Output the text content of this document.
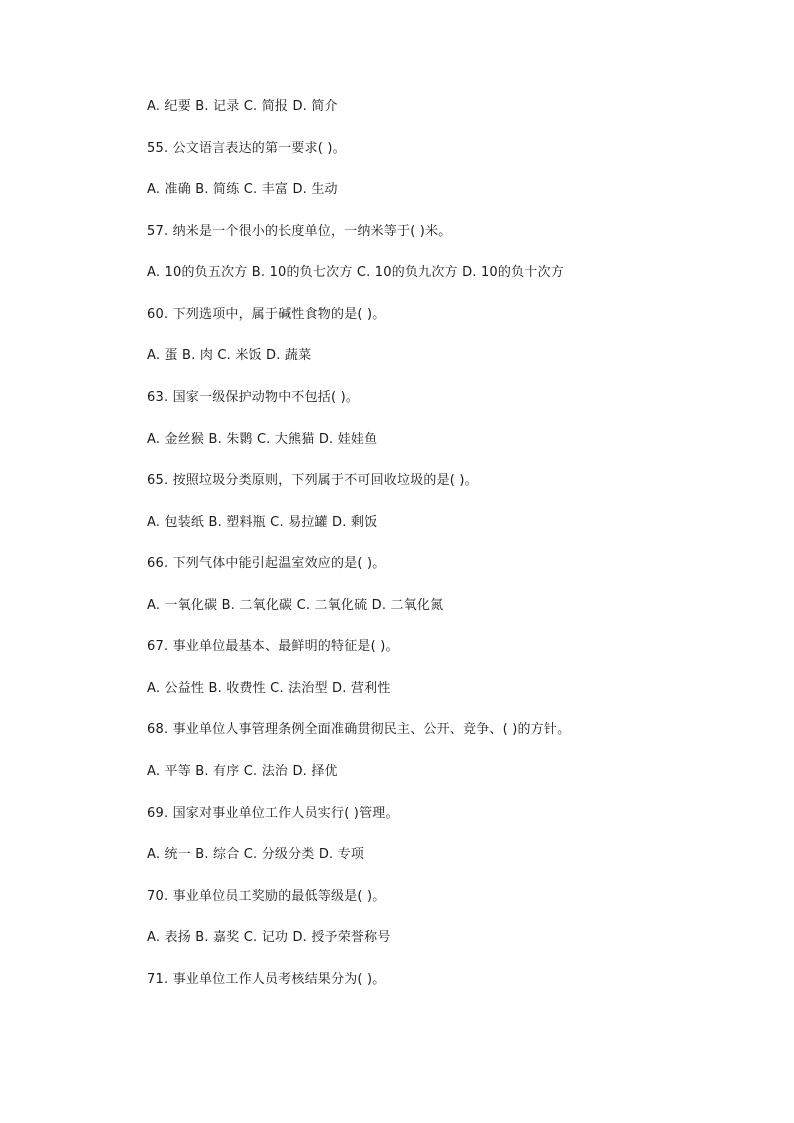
A. 纪要 B. 记录 C. 简报 D. 简介
55. 公文语言表达的第一要求( )。
A. 准确 B. 简练 C. 丰富 D. 生动
57. 纳米是一个很小的长度单位，一纳米等于( )米。
A. 10的负五次方 B. 10的负七次方 C. 10的负九次方 D. 10的负十次方
60. 下列选项中，属于碱性食物的是( )。
A. 蛋 B. 肉 C. 米饭 D. 蔬菜
63. 国家一级保护动物中不包括( )。
A. 金丝猴 B. 朱鹮 C. 大熊猫 D. 娃娃鱼
65. 按照垃圾分类原则，下列属于不可回收垃圾的是( )。
A. 包装纸 B. 塑料瓶 C. 易拉罐 D. 剩饭
66. 下列气体中能引起温室效应的是( )。
A. 一氧化碳 B. 二氧化碳 C. 二氧化硫 D. 二氧化氮
67. 事业单位最基本、最鲜明的特征是( )。
A. 公益性 B. 收费性 C. 法治型 D. 营利性
68. 事业单位人事管理条例全面准确贯彻民主、公开、竞争、( )的方针。
A. 平等 B. 有序 C. 法治 D. 择优
69. 国家对事业单位工作人员实行( )管理。
A. 统一 B. 综合 C. 分级分类 D. 专项
70. 事业单位员工奖励的最低等级是( )。
A. 表扬 B. 嘉奖 C. 记功 D. 授予荣誉称号
71. 事业单位工作人员考核结果分为( )。
